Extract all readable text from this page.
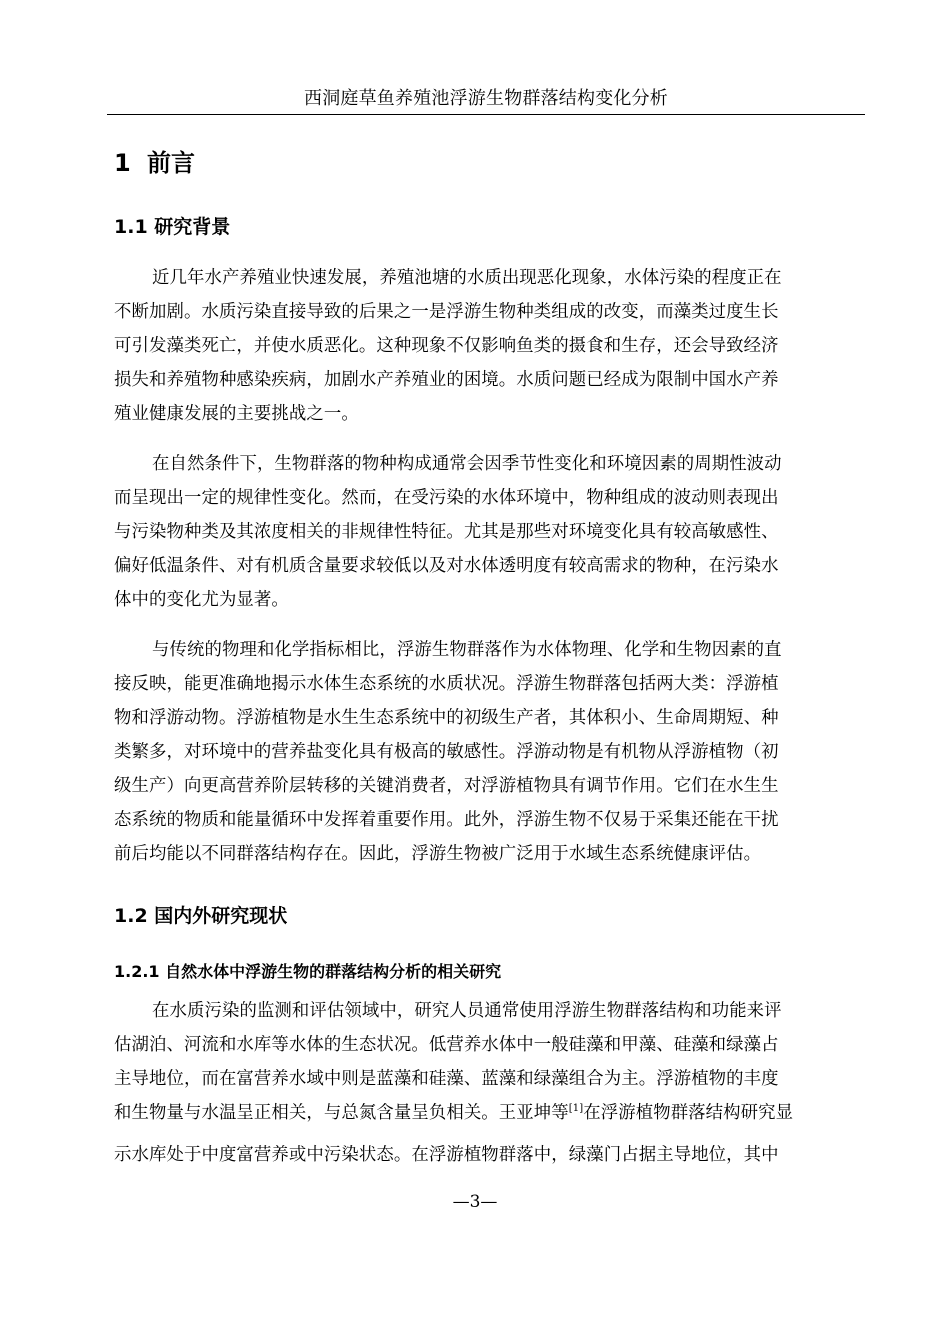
西洞庭草鱼养殖池浮游生物群落结构变化分析
1 前言
1.1 研究背景
近几年水产养殖业快速发展，养殖池塘的水质出现恶化现象，水体污染的程度正在
不断加剧。水质污染直接导致的后果之一是浮游生物种类组成的改变，而藻类过度生长
可引发藻类死亡，并使水质恶化。这种现象不仅影响鱼类的摄食和生存，还会导致经济
损失和养殖物种感染疾病，加剧水产养殖业的困境。水质问题已经成为限制中国水产养
殖业健康发展的主要挑战之一。
在自然条件下，生物群落的物种构成通常会因季节性变化和环境因素的周期性波动
而呈现出一定的规律性变化。然而，在受污染的水体环境中，物种组成的波动则表现出
与污染物种类及其浓度相关的非规律性特征。尤其是那些对环境变化具有较高敏感性、
偏好低温条件、对有机质含量要求较低以及对水体透明度有较高需求的物种，在污染水
体中的变化尤为显著。
与传统的物理和化学指标相比，浮游生物群落作为水体物理、化学和生物因素的直
接反映，能更准确地揭示水体生态系统的水质状况。浮游生物群落包括两大类：浮游植
物和浮游动物。浮游植物是水生生态系统中的初级生产者，其体积小、生命周期短、种
类繁多，对环境中的营养盐变化具有极高的敏感性。浮游动物是有机物从浮游植物（初
级生产）向更高营养阶层转移的关键消费者，对浮游植物具有调节作用。它们在水生生
态系统的物质和能量循环中发挥着重要作用。此外，浮游生物不仅易于采集还能在干扰
前后均能以不同群落结构存在。因此，浮游生物被广泛用于水域生态系统健康评估。
1.2 国内外研究现状
1.2.1 自然水体中浮游生物的群落结构分析的相关研究
在水质污染的监测和评估领域中，研究人员通常使用浮游生物群落结构和功能来评
估湖泊、河流和水库等水体的生态状况。低营养水体中一般硅藻和甲藻、硅藻和绿藻占
主导地位，而在富营养水域中则是蓝藻和硅藻、蓝藻和绿藻组合为主。浮游植物的丰度
和生物量与水温呈正相关，与总氮含量呈负相关。王亚坤等[1]在浮游植物群落结构研究显
示水库处于中度富营养或中污染状态。在浮游植物群落中，绿藻门占据主导地位，其中
—3—
